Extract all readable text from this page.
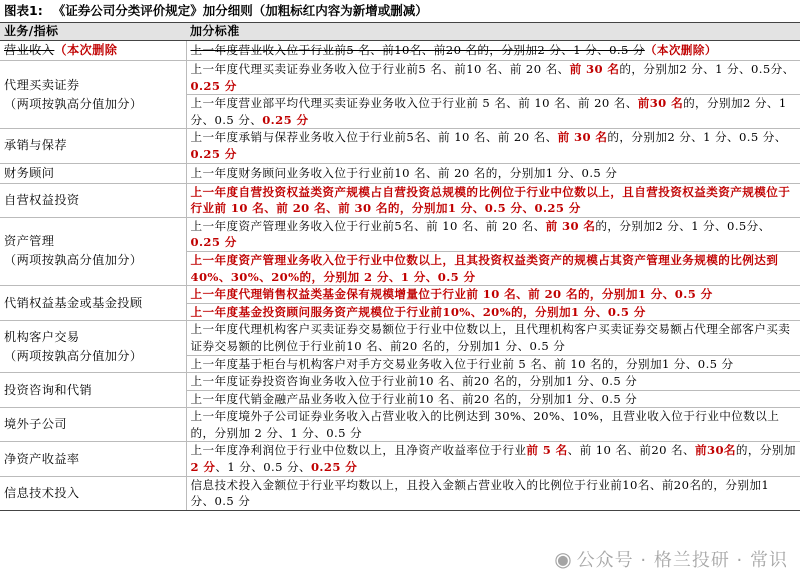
图表1: 《证券公司分类评价规定》加分细则（加粗标红内容为新增或删减）
业务/指标	加分标准
营业收入（本次删除	上一年度营业收入位于行业前5 名、前10名、前20 名的，分别加2 分、1 分、0.5 分（本次删除）
代理买卖证券
（两项按孰高分值加分）	上一年度代理买卖证券业务收入位于行业前5 名、前10 名、前 20 名、前 30 名的，分别加2 分、1 分、0.5分、0.25 分
	上一年度营业部平均代理买卖证券业务收入位于行业前 5 名、前 10 名、前 20 名、前30 名的，分别加2 分、1 分、0.5 分、0.25 分
承销与保荐	上一年度承销与保荐业务收入位于行业前5名、前 10 名、前 20 名、前 30 名的，分别加2 分、1 分、0.5 分、0.25 分
财务顾问	上一年度财务顾问业务收入位于行业前10 名、前 20 名的，分别加1 分、0.5 分
自营权益投资	上一年度自营投资权益类资产规模占自营投资总规模的比例位于行业中位数以上，且自营投资权益类资产规模位于行业前 10 名、前 20 名、前 30 名的，分别加1 分、0.5 分、0.25 分
资产管理
（两项按孰高分值加分）	上一年度资产管理业务收入位于行业前5名、前 10 名、前 20 名、前 30 名的，分别加2 分、1 分、0.5分、0.25 分
	上一年度资产管理业务收入位于行业中位数以上，且其投资权益类资产的规模占其资产管理业务规模的比例达到40%、30%、20%的，分别加 2 分、1 分、0.5 分
代销权益基金或基金投顾	上一年度代理销售权益类基金保有规模增量位于行业前 10 名、前 20 名的，分别加1 分、0.5 分
	上一年度基金投资顾问服务资产规模位于行业前10%、20%的，分别加1 分、0.5 分
机构客户交易
（两项按孰高分值加分）	上一年度代理机构客户买卖证券交易额位于行业中位数以上，且代理机构客户买卖证券交易额占代理全部客户买卖证券交易额的比例位于行业前10 名、前20 名的，分别加1 分、0.5 分
	上一年度基于柜台与机构客户对手方交易业务收入位于行业前 5 名、前 10 名的，分别加1 分、0.5 分
投资咨询和代销	上一年度证券投资咨询业务收入位于行业前10 名、前20 名的，分别加1 分、0.5 分
	上一年度代销金融产品业务收入位于行业前10 名、前20 名的，分别加1 分、0.5 分
境外子公司	上一年度境外子公司证券业务收入占营业收入的比例达到 30%、20%、10%，且营业收入位于行业中位数以上的，分别加 2 分、1 分、0.5 分
净资产收益率	上一年度净利润位于行业中位数以上，且净资产收益率位于行业前 5 名、前 10 名、前20 名、前30名的，分别加2 分、1 分、0.5 分、0.25 分
信息技术投入	信息技术投入金额位于行业平均数以上，且投入金额占营业收入的比例位于行业前10名、前20名的，分别加1 分、0.5 分
◉ 公众号 · 格兰投研 · 常识
